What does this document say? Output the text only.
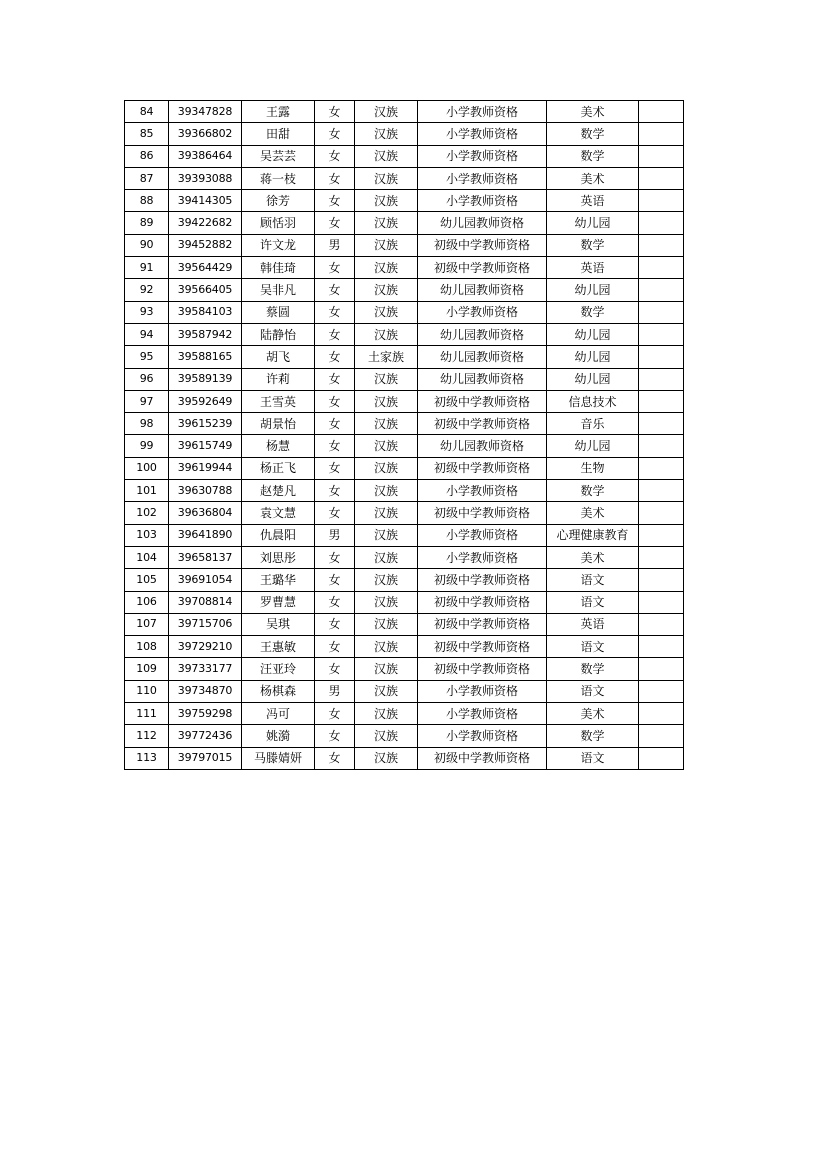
84	39347828	王露	女	汉族	小学教师资格	美术	
85	39366802	田甜	女	汉族	小学教师资格	数学	
86	39386464	吴芸芸	女	汉族	小学教师资格	数学	
87	39393088	蒋一枝	女	汉族	小学教师资格	美术	
88	39414305	徐芳	女	汉族	小学教师资格	英语	
89	39422682	顾恬羽	女	汉族	幼儿园教师资格	幼儿园	
90	39452882	许文龙	男	汉族	初级中学教师资格	数学	
91	39564429	韩佳琦	女	汉族	初级中学教师资格	英语	
92	39566405	吴非凡	女	汉族	幼儿园教师资格	幼儿园	
93	39584103	蔡圆	女	汉族	小学教师资格	数学	
94	39587942	陆静怡	女	汉族	幼儿园教师资格	幼儿园	
95	39588165	胡飞	女	土家族	幼儿园教师资格	幼儿园	
96	39589139	许莉	女	汉族	幼儿园教师资格	幼儿园	
97	39592649	王雪英	女	汉族	初级中学教师资格	信息技术	
98	39615239	胡景怡	女	汉族	初级中学教师资格	音乐	
99	39615749	杨慧	女	汉族	幼儿园教师资格	幼儿园	
100	39619944	杨正飞	女	汉族	初级中学教师资格	生物	
101	39630788	赵楚凡	女	汉族	小学教师资格	数学	
102	39636804	袁文慧	女	汉族	初级中学教师资格	美术	
103	39641890	仇晨阳	男	汉族	小学教师资格	心理健康教育	
104	39658137	刘思彤	女	汉族	小学教师资格	美术	
105	39691054	王璐华	女	汉族	初级中学教师资格	语文	
106	39708814	罗曹慧	女	汉族	初级中学教师资格	语文	
107	39715706	吴琪	女	汉族	初级中学教师资格	英语	
108	39729210	王惠敏	女	汉族	初级中学教师资格	语文	
109	39733177	汪亚玲	女	汉族	初级中学教师资格	数学	
110	39734870	杨棋森	男	汉族	小学教师资格	语文	
111	39759298	冯可	女	汉族	小学教师资格	美术	
112	39772436	姚漪	女	汉族	小学教师资格	数学	
113	39797015	马滕婧妍	女	汉族	初级中学教师资格	语文	
